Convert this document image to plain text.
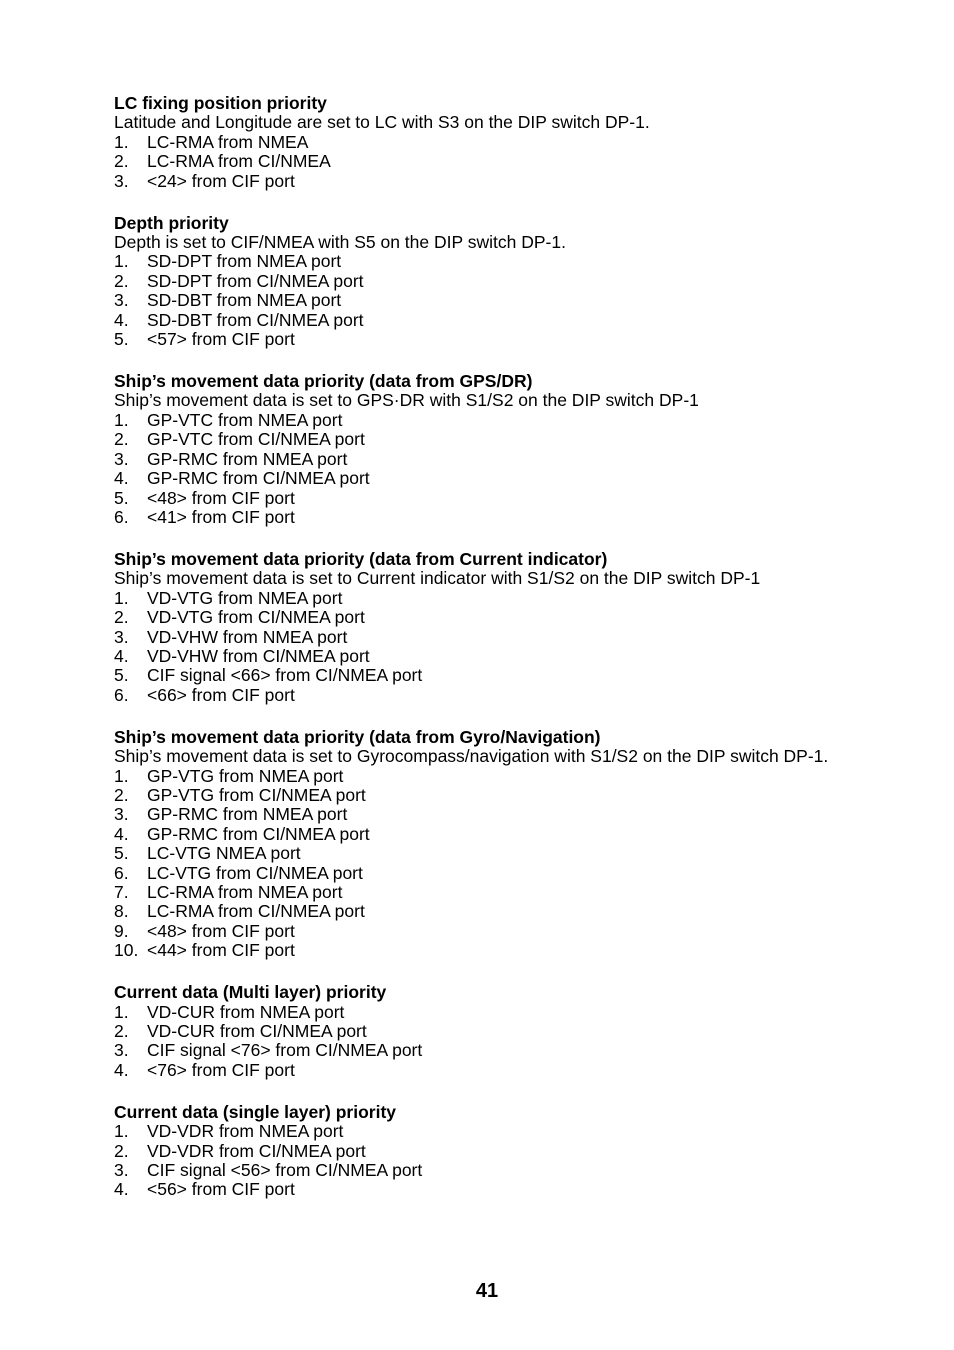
LC fixing position priority
Latitude and Longitude are set to LC with S3 on the DIP switch DP-1.
1.	LC-RMA from NMEA
2.	LC-RMA from CI/NMEA
3.	<24> from CIF port
Depth priority
Depth is set to CIF/NMEA with S5 on the DIP switch DP-1.
1.	SD-DPT from NMEA port
2.	SD-DPT from CI/NMEA port
3.	SD-DBT from NMEA port
4.	SD-DBT from CI/NMEA port
5.	<57> from CIF port
Ship’s movement data priority (data from GPS/DR)
Ship’s movement data is set to GPS·DR with S1/S2 on the DIP switch DP-1
1.	GP-VTC from NMEA port
2.	GP-VTC from CI/NMEA port
3.	GP-RMC from NMEA port
4.	GP-RMC from CI/NMEA port
5.	<48> from CIF port
6.	<41> from CIF port
Ship’s movement data priority (data from Current indicator)
Ship’s movement data is set to Current indicator with S1/S2 on the DIP switch DP-1
1.	VD-VTG from NMEA port
2.	VD-VTG from CI/NMEA port
3.	VD-VHW from NMEA port
4.	VD-VHW from CI/NMEA port
5.	CIF signal <66> from CI/NMEA port
6.	<66> from CIF port
Ship’s movement data priority (data from Gyro/Navigation)
Ship’s movement data is set to Gyrocompass/navigation with S1/S2 on the DIP switch DP-1.
1.	GP-VTG from NMEA port
2.	GP-VTG from CI/NMEA port
3.	GP-RMC from NMEA port
4.	GP-RMC from CI/NMEA port
5.	LC-VTG NMEA port
6.	LC-VTG from CI/NMEA port
7.	LC-RMA from NMEA port
8.	LC-RMA from CI/NMEA port
9.	<48> from CIF port
10. <44> from CIF port
Current data (Multi layer) priority
1.	VD-CUR from NMEA port
2.	VD-CUR from CI/NMEA port
3.	CIF signal <76> from CI/NMEA port
4.	<76> from CIF port
Current data (single layer) priority
1.	VD-VDR from NMEA port
2.	VD-VDR from CI/NMEA port
3.	CIF signal <56> from CI/NMEA port
4.	<56> from CIF port
41
